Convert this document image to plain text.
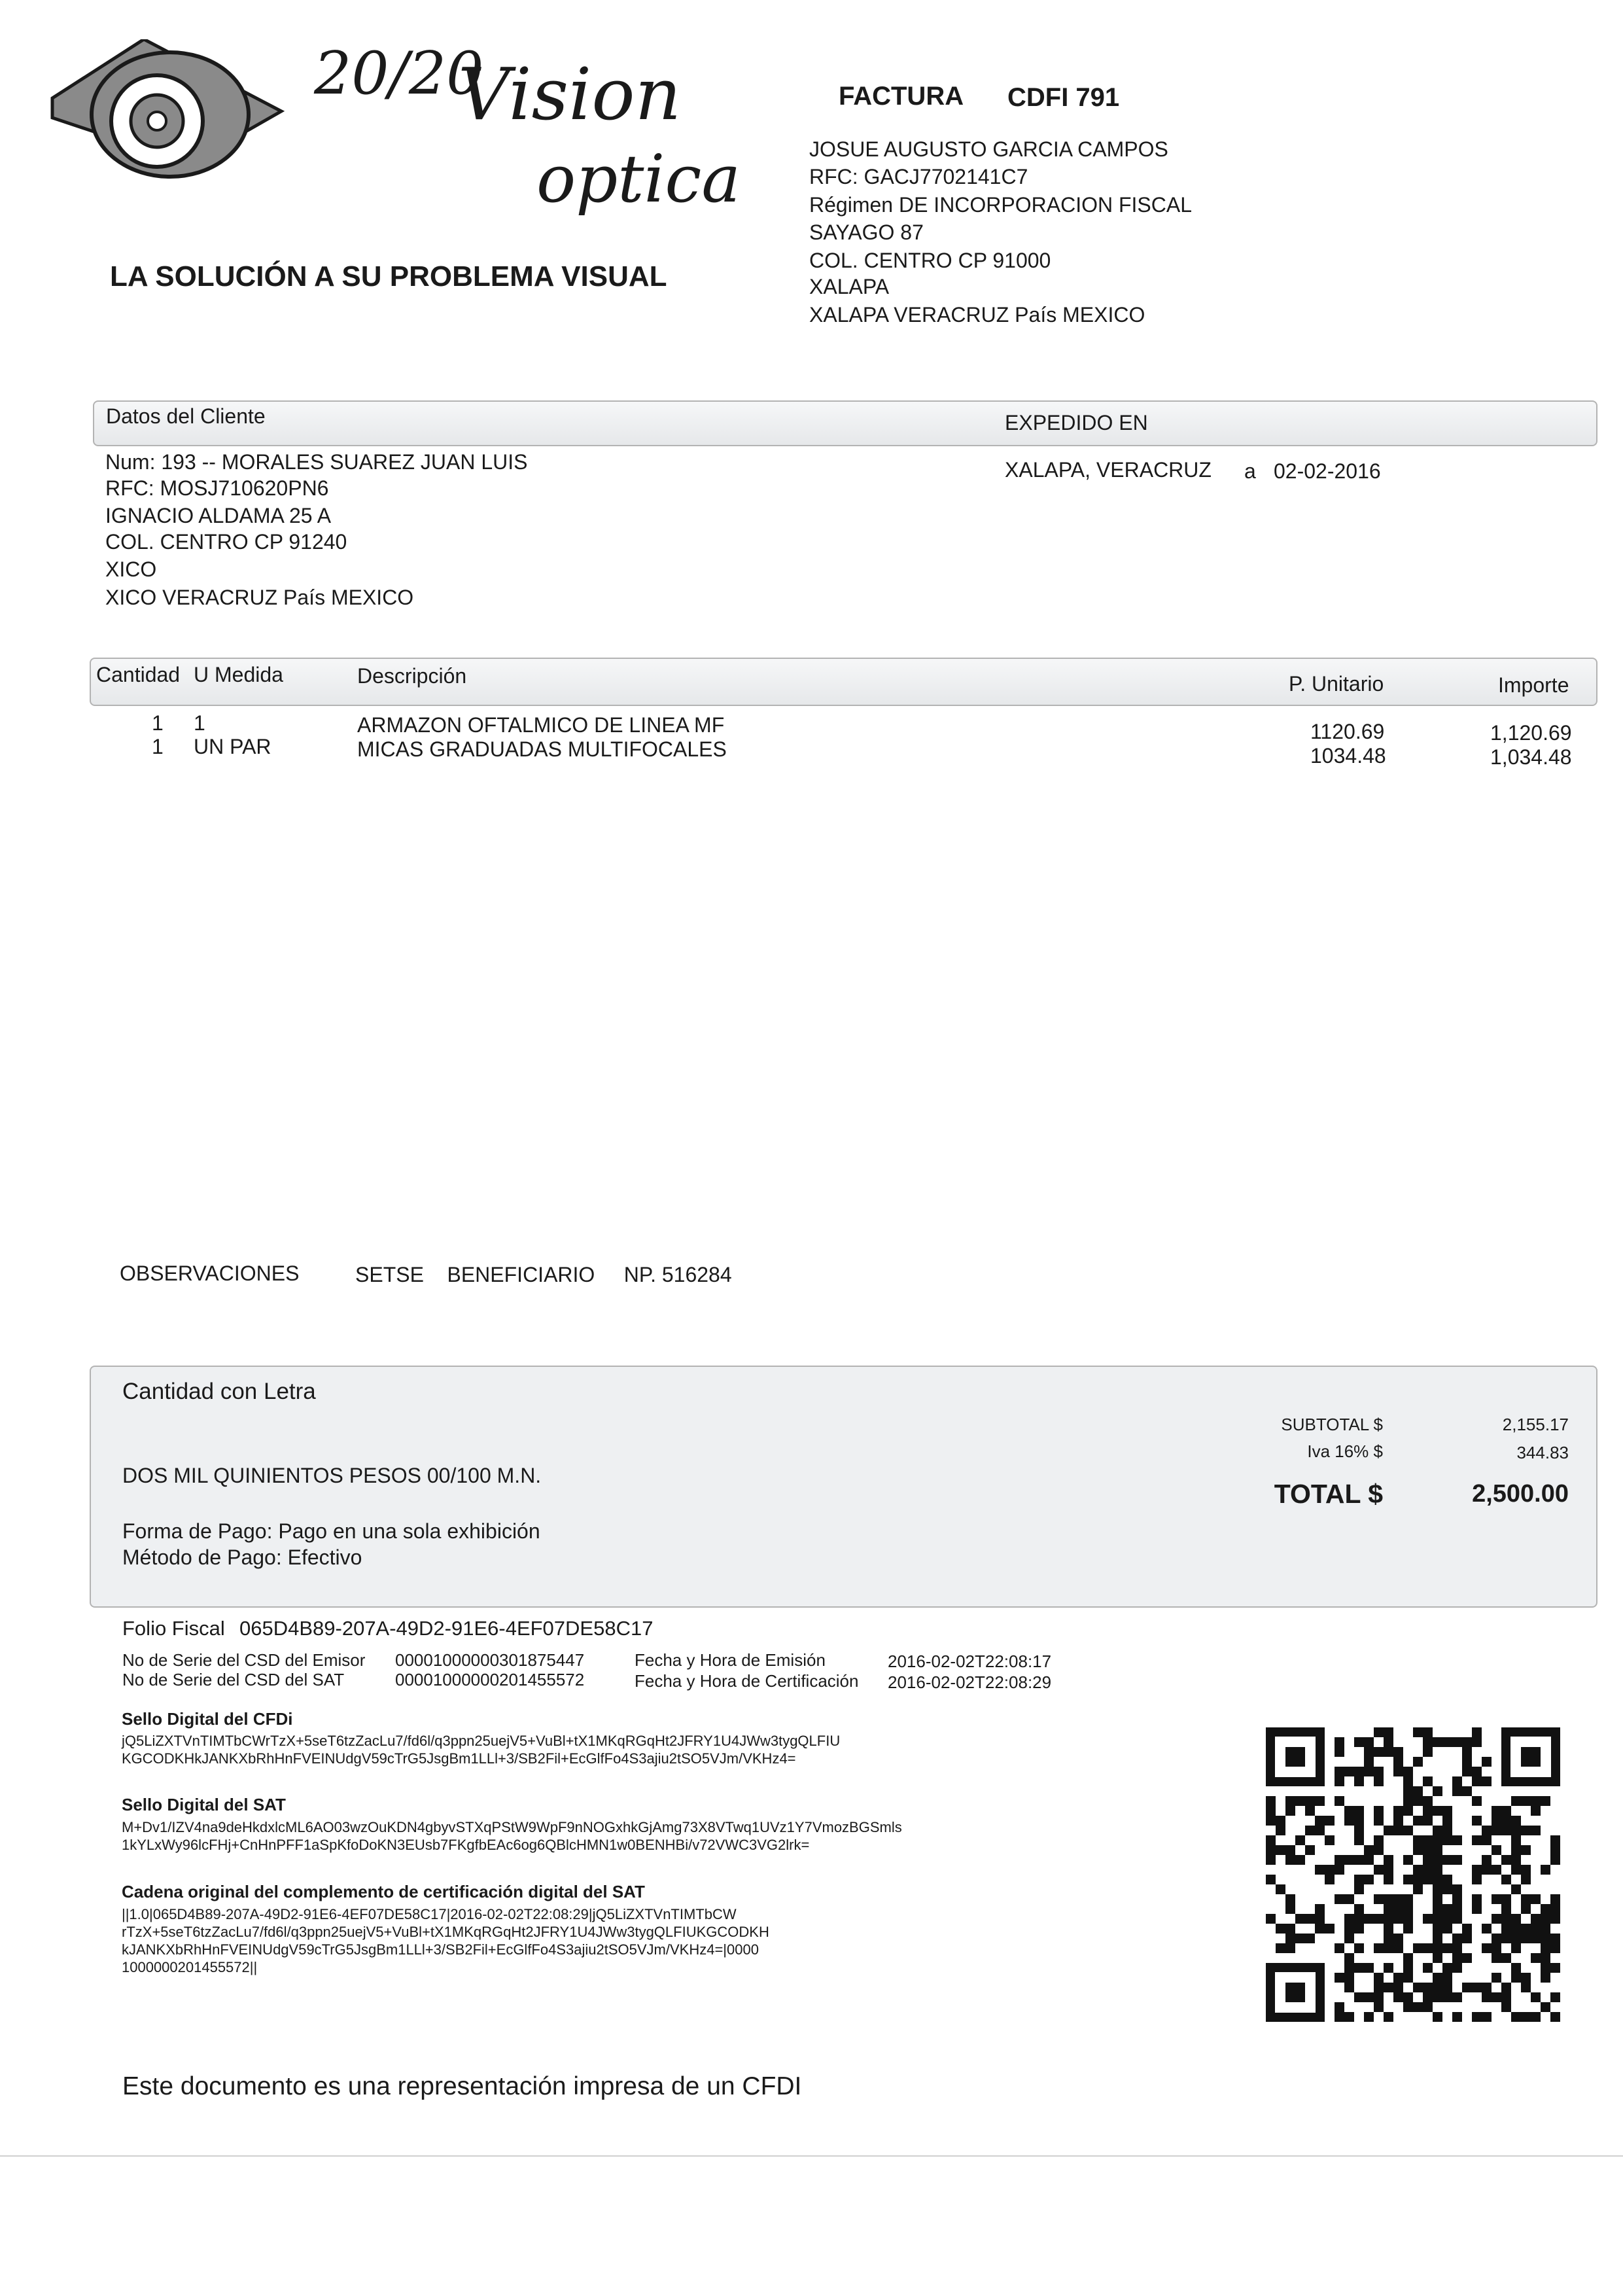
20/20
Vision
optica
LA SOLUCIÓN A SU PROBLEMA VISUAL
FACTURA CDFI 791
JOSUE AUGUSTO GARCIA CAMPOS
RFC: GACJ7702141C7
Régimen DE INCORPORACION FISCAL
SAYAGO 87
COL. CENTRO CP 91000
XALAPA
XALAPA VERACRUZ País MEXICO
Datos del Cliente	EXPEDIDO EN
Num: 193 -- MORALES SUAREZ JUAN LUIS
RFC: MOSJ710620PN6
IGNACIO ALDAMA 25 A
COL. CENTRO CP 91240
XICO
XICO VERACRUZ País MEXICO
XALAPA, VERACRUZ a 02-02-2016
Cantidad U Medida	Descripción	P. Unitario	Importe
1 1	ARMAZON OFTALMICO DE LINEA MF	1120.69	1,120.69
1 UN PAR	MICAS GRADUADAS MULTIFOCALES	1034.48	1,034.48
OBSERVACIONES	SETSE    BENEFICIARIO     NP. 516284
Cantidad con Letra
DOS MIL QUINIENTOS PESOS 00/100 M.N.
Forma de Pago: Pago en una sola exhibición
Método de Pago: Efectivo
SUBTOTAL $	2,155.17
Iva 16% $	344.83
TOTAL $	2,500.00
Folio Fiscal 065D4B89-207A-49D2-91E6-4EF07DE58C17
No de Serie del CSD del Emisor 00001000000301875447
No de Serie del CSD del SAT	00001000000201455572
Fecha y Hora de Emisión	2016-02-02T22:08:17
Fecha y Hora de Certificación 2016-02-02T22:08:29
Sello Digital del CFDi
jQ5LiZXTVnTIMTbCWrTzX+5seT6tzZacLu7/fd6l/q3ppn25uejV5+VuBl+tX1MKqRGqHt2JFRY1U4JWw3tygQLFIU
KGCODKHkJANKXbRhHnFVEINUdgV59cTrG5JsgBm1LLl+3/SB2Fil+EcGlfFo4S3ajiu2tSO5VJm/VKHz4=
Sello Digital del SAT
M+Dv1/IZV4na9deHkdxlcML6AO03wzOuKDN4gbyvSTXqPStW9WpF9nNOGxhkGjAmg73X8VTwq1UVz1Y7VmozBGSmls
1kYLxWy96lcFHj+CnHnPFF1aSpKfoDoKN3EUsb7FKgfbEAc6og6QBlcHMN1w0BENHBi/v72VWC3VG2lrk=
Cadena original del complemento de certificación digital del SAT
||1.0|065D4B89-207A-49D2-91E6-4EF07DE58C17|2016-02-02T22:08:29|jQ5LiZXTVnTIMTbCW
rTzX+5seT6tzZacLu7/fd6l/q3ppn25uejV5+VuBl+tX1MKqRGqHt2JFRY1U4JWw3tygQLFIUKGCODKH
kJANKXbRhHnFVEINUdgV59cTrG5JsgBm1LLl+3/SB2Fil+EcGlfFo4S3ajiu2tSO5VJm/VKHz4=|0000
1000000201455572||
Este documento es una representación impresa de un CFDI
